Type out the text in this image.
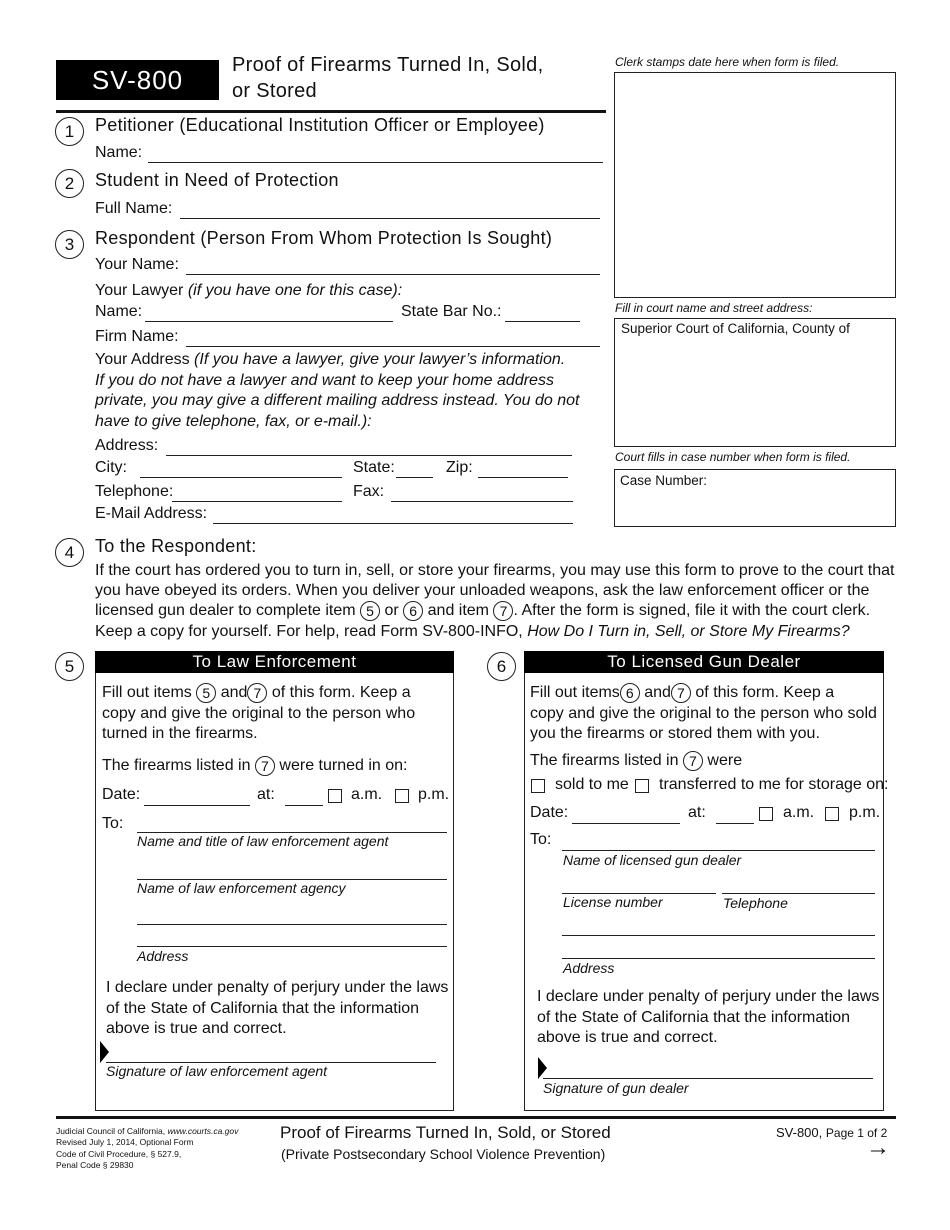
SV-800	Proof of Firearms Turned In, Sold,
or Stored
Clerk stamps date here when form is filed.
Fill in court name and street address:
Superior Court of California, County of
Court fills in case number when form is filed.
Case Number:
1	Petitioner (Educational Institution Officer or Employee)
Name:
2	Student in Need of Protection
Full Name:
3	Respondent (Person From Whom Protection Is Sought)
Your Name:
Your Lawyer (if you have one for this case):
Name:	State Bar No.:
Firm Name:
Your Address (If you have a lawyer, give your lawyer’s information.
If you do not have a lawyer and want to keep your home address
private, you may give a different mailing address instead. You do not
have to give telephone, fax, or e-mail.):
Address:
City:	State:	Zip:
Telephone:	Fax:
E-Mail Address:
4	To the Respondent:
If the court has ordered you to turn in, sell, or store your firearms, you may use this form to prove to the court that
you have obeyed its orders. When you deliver your unloaded weapons, ask the law enforcement officer or the
licensed gun dealer to complete item 5 or 6 and item 7 . After the form is signed, file it with the court clerk.
Keep a copy for yourself. For help, read Form SV-800-INFO, How Do I Turn in, Sell, or Store My Firearms?
5	To Law Enforcement
Fill out items 5 and 7 of this form. Keep a
copy and give the original to the person who
turned in the firearms.
The firearms listed in 7 were turned in on:
Date:	at:	a.m. p.m.
To:
Name and title of law enforcement agent
Name of law enforcement agency
Address
I declare under penalty of perjury under the laws
of the State of California that the information
above is true and correct.
Signature of law enforcement agent
6	To Licensed Gun Dealer
Fill out items 6 and 7 of this form. Keep a
copy and give the original to the person who sold
you the firearms or stored them with you.
The firearms listed in 7 were
sold to me transferred to me for storage on:
Date:	at:	a.m. p.m.
To:
Name of licensed gun dealer
License number	Telephone
Address
I declare under penalty of perjury under the laws
of the State of California that the information
above is true and correct.
Signature of gun dealer
Judicial Council of California, www.courts.ca.gov
Revised July 1, 2014, Optional Form
Code of Civil Procedure, § 527.9,
Penal Code § 29830
Proof of Firearms Turned In, Sold, or Stored
(Private Postsecondary School Violence Prevention)
SV-800, Page 1 of 2
→
